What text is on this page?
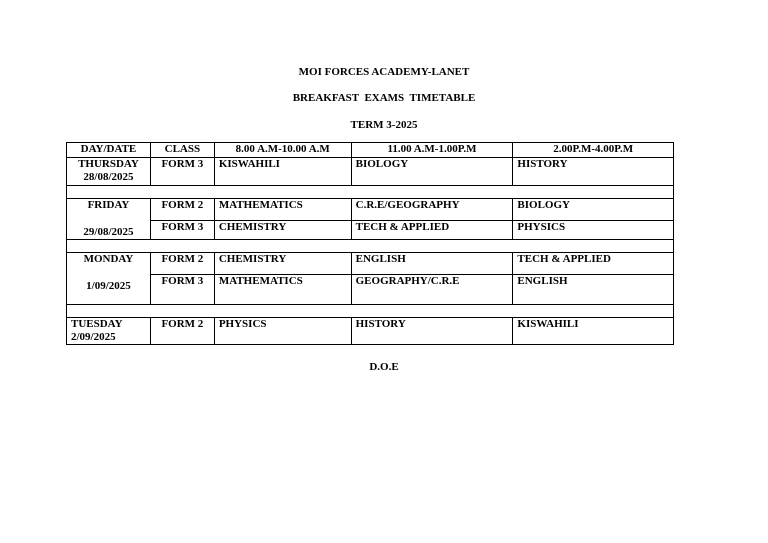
MOI FORCES ACADEMY-LANET
BREAKFAST  EXAMS  TIMETABLE
TERM 3-2025
DAY/DATE	CLASS	8.00 A.M-10.00 A.M	11.00 A.M-1.00P.M	2.00P.M-4.00P.M

THURSDAY
28/08/2025	FORM 3	KISWAHILI	BIOLOGY	HISTORY

FRIDAY
29/08/2025	FORM 2	MATHEMATICS	C.R.E/GEOGRAPHY	BIOLOGY
	FORM 3	CHEMISTRY	TECH & APPLIED	PHYSICS

MONDAY
1/09/2025	FORM 2	CHEMISTRY	ENGLISH	TECH & APPLIED
	FORM 3	MATHEMATICS	GEOGRAPHY/C.R.E	ENGLISH

TUESDAY
2/09/2025	FORM 2	PHYSICS	HISTORY	KISWAHILI
D.O.E
